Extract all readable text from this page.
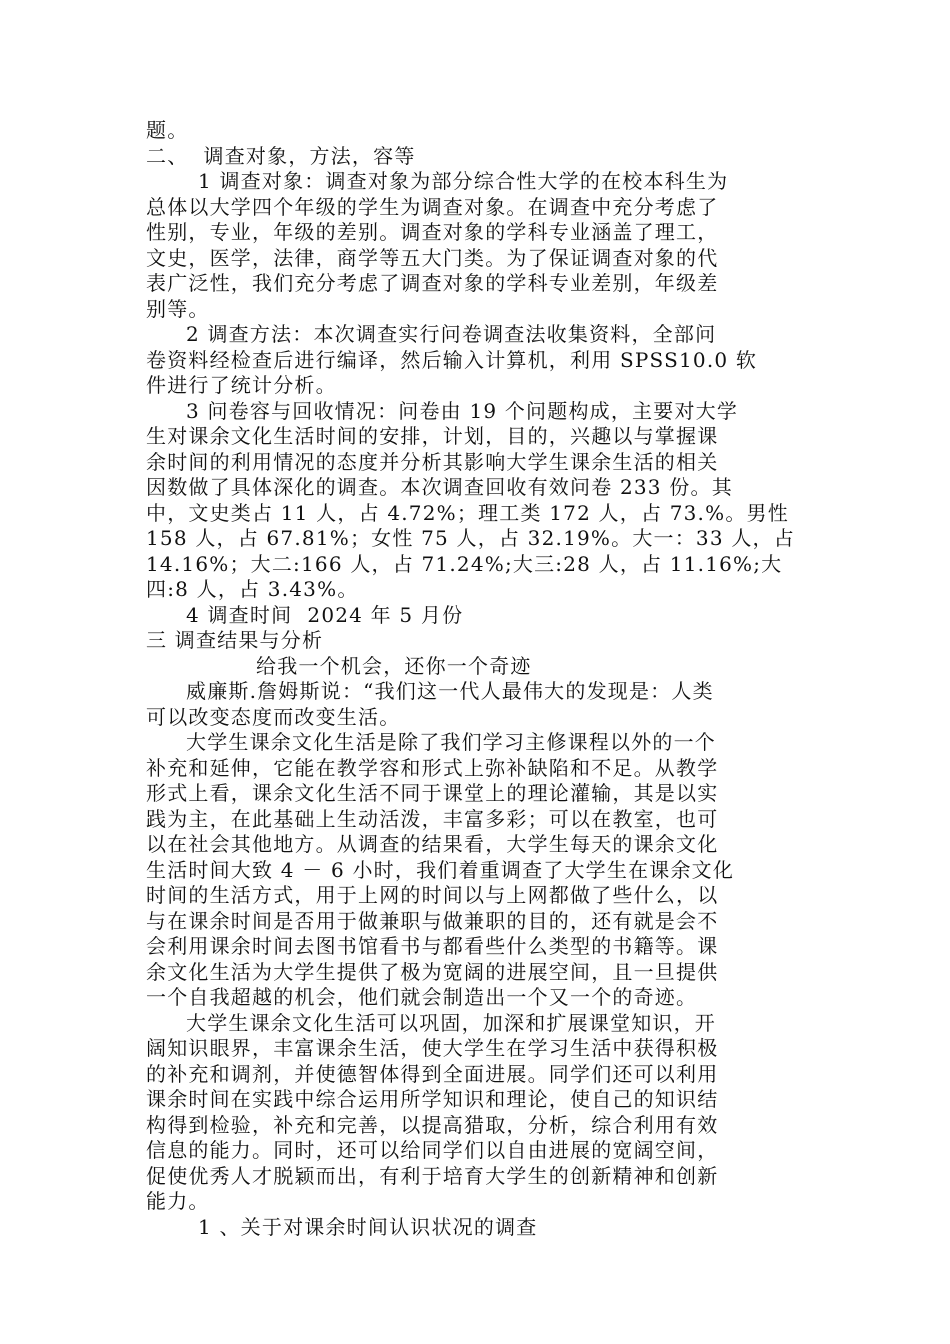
题。

二、  调查对象，方法，容等

1 调查对象：调查对象为部分综合性大学的在校本科生为

总体以大学四个年级的学生为调查对象。在调查中充分考虑了

性别，专业，年级的差别。调查对象的学科专业涵盖了理工，

文史，医学，法律，商学等五大门类。为了保证调查对象的代

表广泛性，我们充分考虑了调查对象的学科专业差别，年级差

别等。

2 调查方法：本次调查实行问卷调查法收集资料，全部问

卷资料经检查后进行编译，然后输入计算机，利用 SPSS10.0 软

件进行了统计分析。

3 问卷容与回收情况：问卷由 19 个问题构成，主要对大学

生对课余文化生活时间的安排，计划，目的，兴趣以与掌握课

余时间的利用情况的态度并分析其影响大学生课余生活的相关

因数做了具体深化的调查。本次调查回收有效问卷 233 份。其

中，文史类占 11 人，占 4.72%；理工类 172 人，占 73.%。男性

158 人，占 67.81%；女性 75 人，占 32.19%。大一：33 人，占

14.16%；大二:166 人，占 71.24%;大三:28 人，占 11.16%;大

四:8 人，占 3.43%。

4 调查时间  2024 年 5 月份

三 调查结果与分析

给我一个机会，还你一个奇迹

威廉斯.詹姆斯说：“我们这一代人最伟大的发现是：人类

可以改变态度而改变生活。

大学生课余文化生活是除了我们学习主修课程以外的一个

补充和延伸，它能在教学容和形式上弥补缺陷和不足。从教学

形式上看，课余文化生活不同于课堂上的理论灌输，其是以实

践为主，在此基础上生动活泼，丰富多彩；可以在教室，也可

以在社会其他地方。从调查的结果看，大学生每天的课余文化

生活时间大致 4 － 6 小时，我们着重调查了大学生在课余文化

时间的生活方式，用于上网的时间以与上网都做了些什么，以

与在课余时间是否用于做兼职与做兼职的目的，还有就是会不

会利用课余时间去图书馆看书与都看些什么类型的书籍等。课

余文化生活为大学生提供了极为宽阔的进展空间，且一旦提供

一个自我超越的机会，他们就会制造出一个又一个的奇迹。

大学生课余文化生活可以巩固，加深和扩展课堂知识，开

阔知识眼界，丰富课余生活，使大学生在学习生活中获得积极

的补充和调剂，并使德智体得到全面进展。同学们还可以利用

课余时间在实践中综合运用所学知识和理论，使自己的知识结

构得到检验，补充和完善，以提高猎取，分析，综合利用有效

信息的能力。同时，还可以给同学们以自由进展的宽阔空间，

促使优秀人才脱颖而出，有利于培育大学生的创新精神和创新

能力。

1 、关于对课余时间认识状况的调查
